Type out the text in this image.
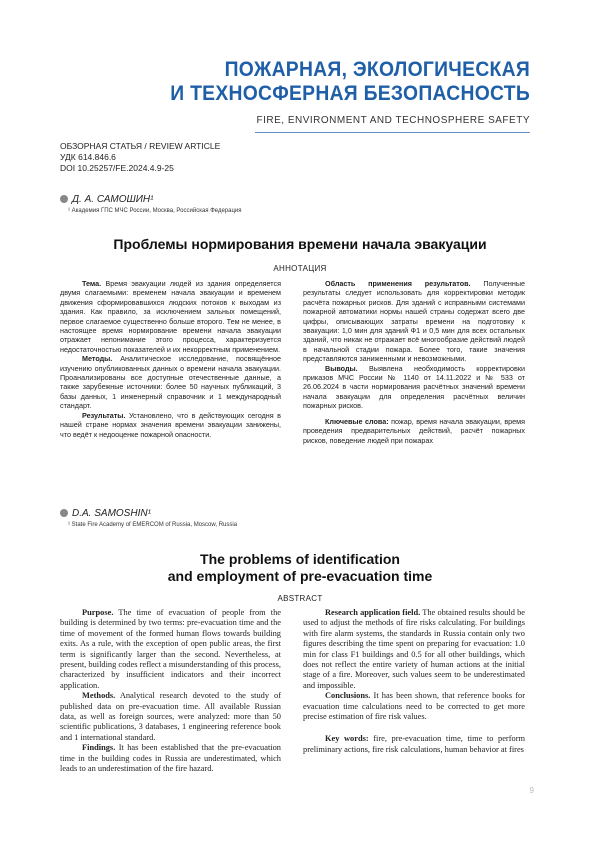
ПОЖАРНАЯ, ЭКОЛОГИЧЕСКАЯ
И ТЕХНОСФЕРНАЯ БЕЗОПАСНОСТЬ
FIRE, ENVIRONMENT AND TECHNOSPHERE SAFETY
ОБЗОРНАЯ СТАТЬЯ / REVIEW ARTICLE
УДК 614.846.6
DOI 10.25257/FE.2024.4.9-25
Д. А. САМОШИН¹
¹ Академия ГПС МЧС России, Москва, Российская Федерация
Проблемы нормирования времени начала эвакуации
АННОТАЦИЯ

Тема. Время эвакуации людей из здания определяется двумя слагаемыми: временем начала эвакуации и временем движения сформировавшихся людских потоков к выходам из здания. Как правило, за исключением зальных помещений, первое слагаемое существенно больше второго. Тем не менее, в настоящее время нормирование времени начала эвакуации отражает непонимание этого процесса, характеризуется недостаточностью показателей и их некорректным применением.

Методы. Аналитическое исследование, посвящённое изучению опубликованных данных о времени начала эвакуации. Проанализированы все доступные отечественные данные, а также зарубежные источники: более 50 научных публикаций, 3 базы данных, 1 инженерный справочник и 1 международный стандарт.

Результаты. Установлено, что в действующих сегодня в нашей стране нормах значения времени эвакуации занижены, что ведёт к недооценке пожарной опасности.

Область применения результатов. Полученные результаты следует использовать для корректировки методик расчёта пожарных рисков. Для зданий с исправными системами пожарной автоматики нормы нашей страны содержат всего две цифры, описывающих затраты времени на подготовку к эвакуации: 1,0 мин для зданий Ф1 и 0,5 мин для всех остальных зданий, что никак не отражает всё многообразие действий людей в начальной стадии пожара. Более того, такие значения представляются заниженными и невозможными.

Выводы. Выявлена необходимость корректировки приказов МЧС России № 1140 от 14.11.2022 и № 533 от 26.06.2024 в части нормирования расчётных значений времени начала эвакуации для определения расчётных величин пожарных рисков.

Ключевые слова: пожар, время начала эвакуации, время проведения предварительных действий, расчёт пожарных рисков, поведение людей при пожарах

D.A. SAMOSHIN¹
¹ State Fire Academy of EMERCOM of Russia, Moscow, Russia
The problems of identification
and employment of pre-evacuation time
ABSTRACT

Purpose. The time of evacuation of people from the building is determined by two terms: pre-evacuation time and the time of movement of the formed human flows towards building exits. As a rule, with the exception of open public areas, the first term is significantly larger than the second. Nevertheless, at present, building codes reflect a misunderstanding of this process, characterized by insufficient indicators and their incorrect application.

Methods. Analytical research devoted to the study of published data on pre-evacuation time. All available Russian data, as well as foreign sources, were analyzed: more than 50 scientific publications, 3 databases, 1 engineering reference book and 1 international standard.

Findings. It has been established that the pre-evacuation time in the building codes in Russia are underestimated, which leads to an underestimation of the fire hazard.

Research application field. The obtained results should be used to adjust the methods of fire risks calculating. For buildings with fire alarm systems, the standards in Russia contain only two figures describing the time spent on preparing for evacuation: 1.0 min for class F1 buildings and 0.5 for all other buildings, which does not reflect the entire variety of human actions at the initial stage of a fire. Moreover, such values seem to be underestimated and impossible.

Conclusions. It has been shown, that reference books for evacuation time calculations need to be corrected to get more precise estimation of fire risk values.

Key words: fire, pre-evacuation time, time to perform preliminary actions, fire risk calculations, human behavior at fires

9
